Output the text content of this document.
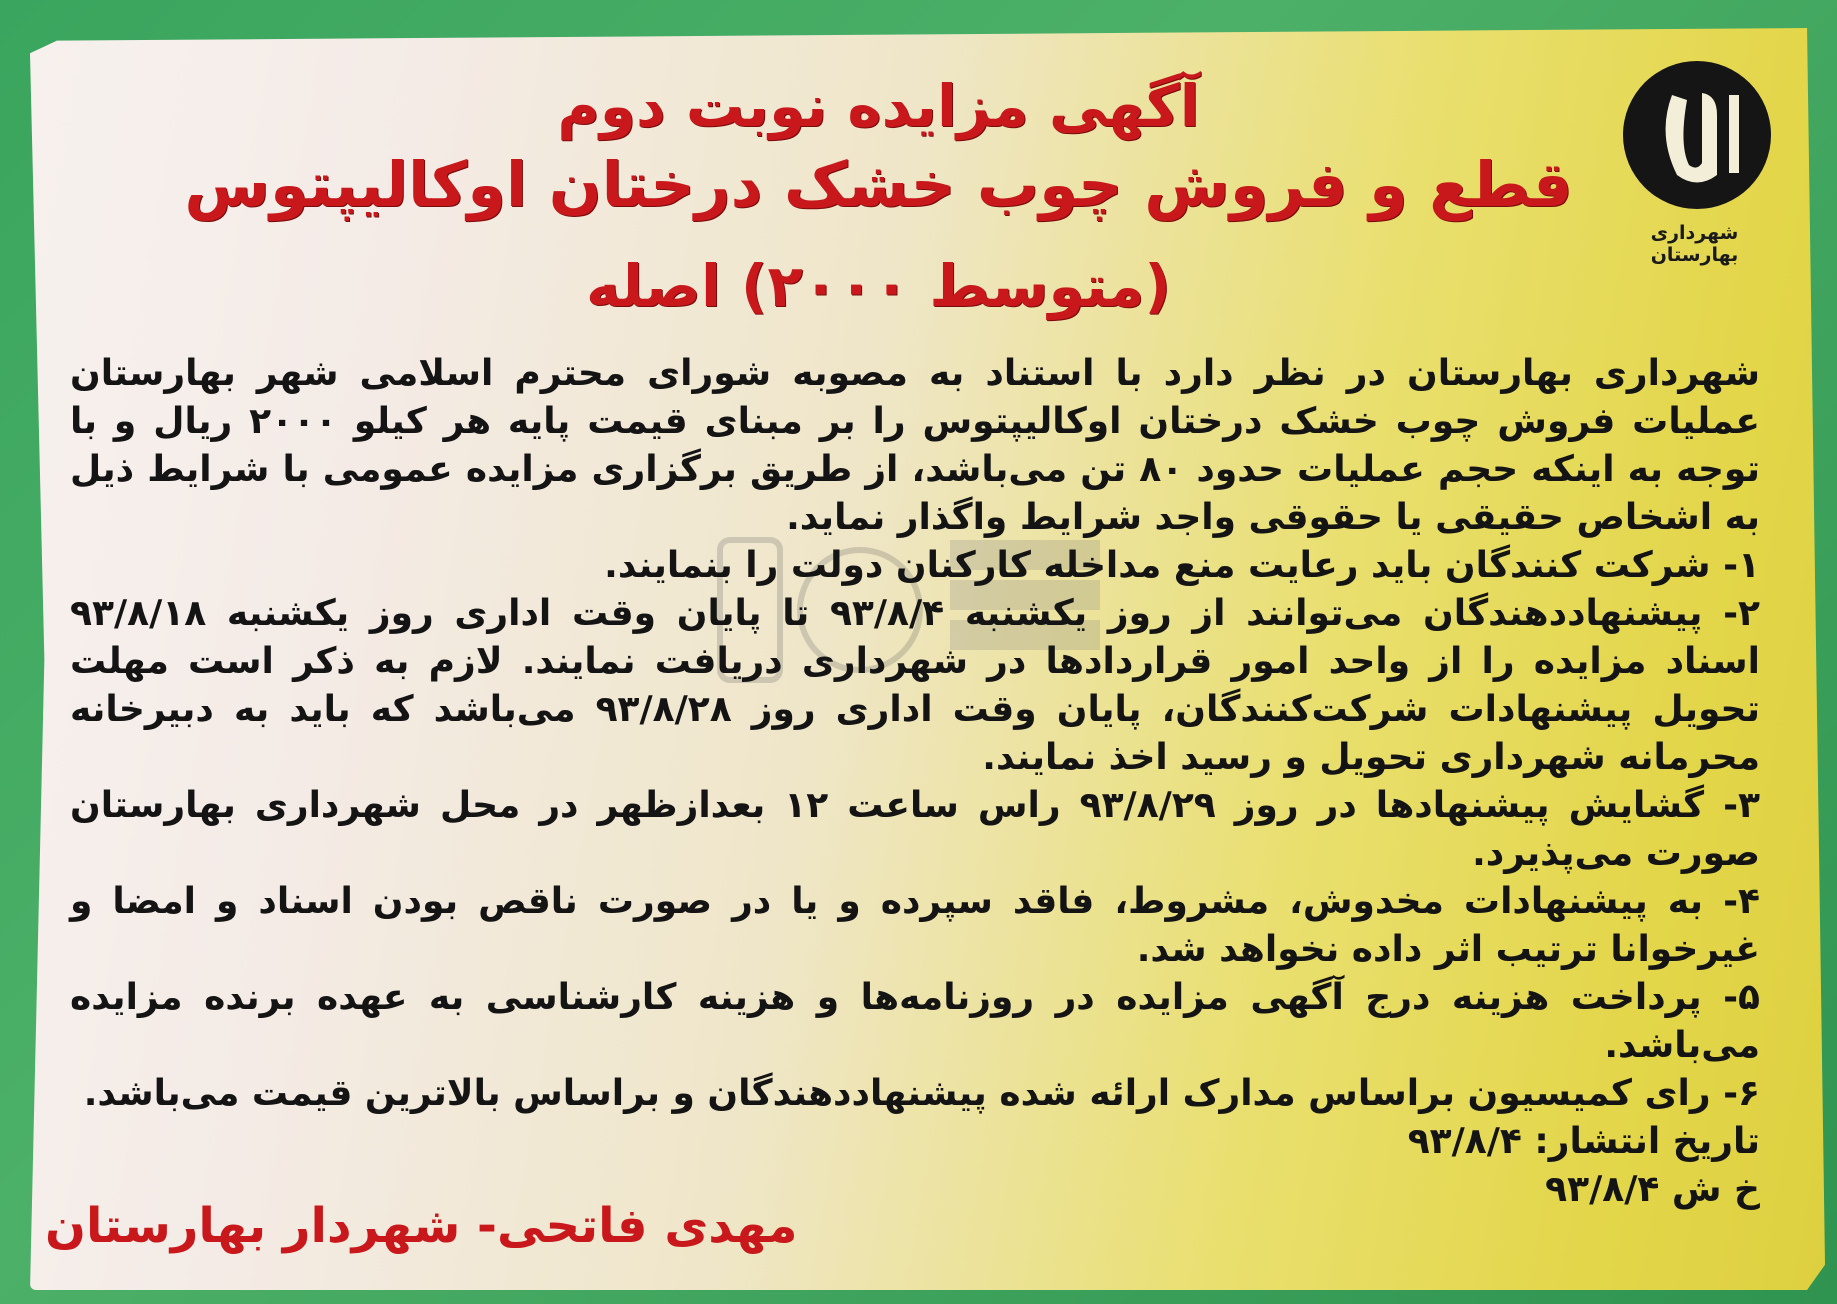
شهرداری بهارستان
آگهی مزایده نوبت دوم
قطع و فروش چوب خشک درختان اوکالیپتوس
(متوسط ۲۰۰۰) اصله

شهرداری بهارستان در نظر دارد با استناد به مصوبه شورای محترم اسلامی شهر بهارستان عملیات فروش چوب خشک درختان اوکالیپتوس را بر مبنای قیمت پایه هر کیلو ۲۰۰۰ ریال و با توجه به اینکه حجم عملیات حدود ۸۰ تن می‌باشد، از طریق برگزاری مزایده عمومی با شرایط ذیل به اشخاص حقیقی یا حقوقی واجد شرایط واگذار نماید.

۱- شرکت کنندگان باید رعایت منع مداخله کارکنان دولت را بنمایند.

۲- پیشنهاددهندگان می‌توانند از روز یکشنبه ۹۳/۸/۴ تا پایان وقت اداری روز یکشنبه ۹۳/۸/۱۸ اسناد مزایده را از واحد امور قراردادها در شهرداری دریافت نمایند. لازم به ذکر است مهلت تحویل پیشنهادات شرکت‌کنندگان، پایان وقت اداری روز ۹۳/۸/۲۸ می‌باشد که باید به دبیرخانه محرمانه شهرداری تحویل و رسید اخذ نمایند.

۳- گشایش پیشنهادها در روز ۹۳/۸/۲۹ راس ساعت ۱۲ بعدازظهر در محل شهرداری بهارستان صورت می‌پذیرد.

۴- به پیشنهادات مخدوش، مشروط، فاقد سپرده و یا در صورت ناقص بودن اسناد و امضا و غیرخوانا ترتیب اثر داده نخواهد شد.

۵- پرداخت هزینه درج آگهی مزایده در روزنامه‌ها و هزینه کارشناسی به عهده برنده مزایده می‌باشد.

۶- رای کمیسیون براساس مدارک ارائه شده پیشنهاددهندگان و براساس بالاترین قیمت می‌باشد.

تاریخ انتشار: ۹۳/۸/۴

خ ش ۹۳/۸/۴

مهدی فاتحی- شهردار بهارستان
